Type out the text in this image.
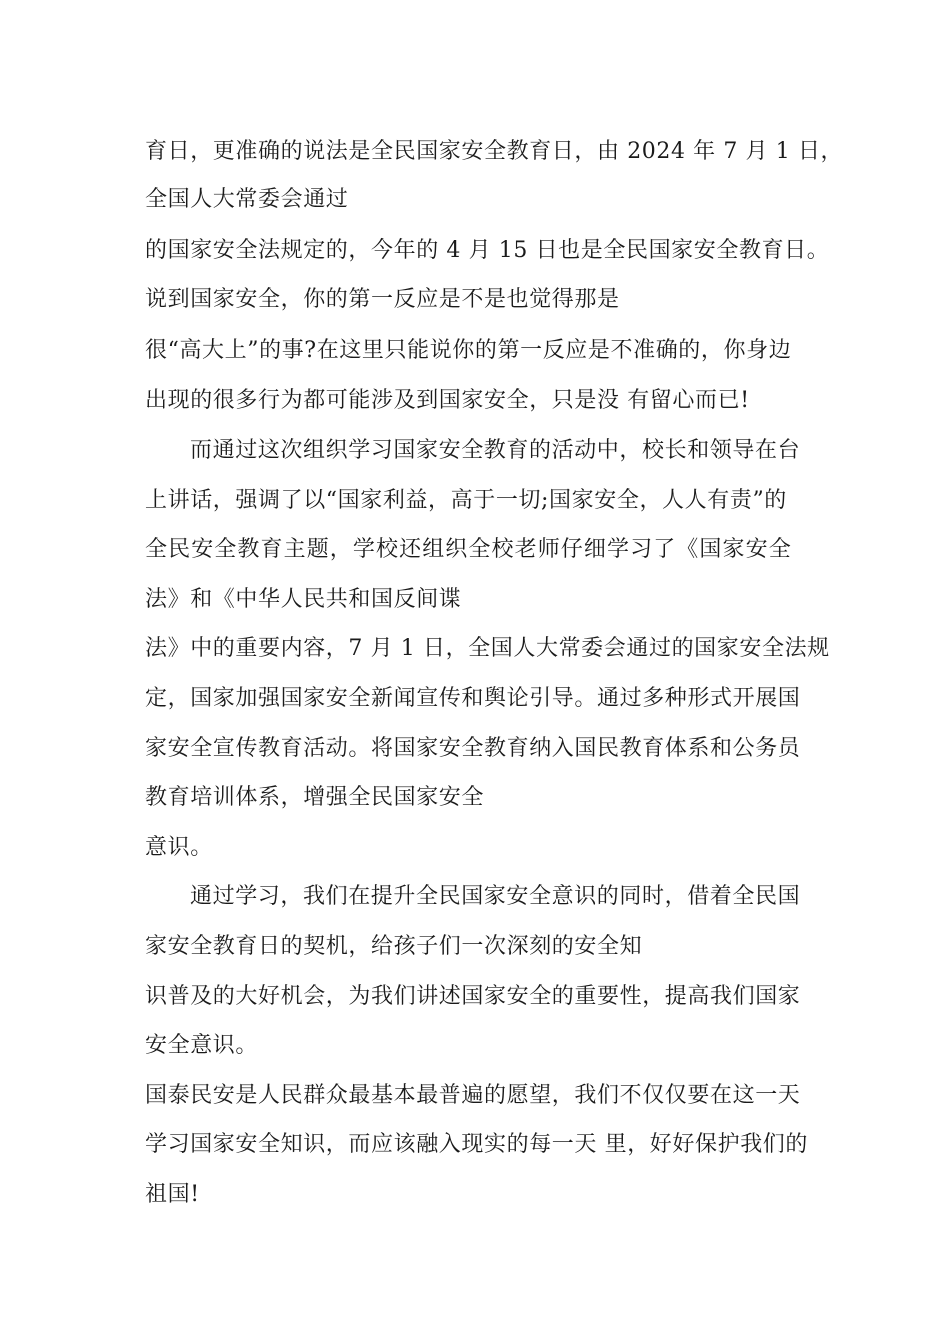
育日，更准确的说法是全民国家安全教育日，由 2024 年 7 月 1 日，
全国人大常委会通过
的国家安全法规定的，今年的 4 月 15 日也是全民国家安全教育日。
说到国家安全，你的第一反应是不是也觉得那是
很“高大上”的事?在这里只能说你的第一反应是不准确的，你身边
出现的很多行为都可能涉及到国家安全，只是没 有留心而已!
而通过这次组织学习国家安全教育的活动中，校长和领导在台
上讲话，强调了以“国家利益，高于一切;国家安全，人人有责”的
全民安全教育主题，学校还组织全校老师仔细学习了《国家安全
法》和《中华人民共和国反间谍
法》中的重要内容，7 月 1 日，全国人大常委会通过的国家安全法规
定，国家加强国家安全新闻宣传和舆论引导。通过多种形式开展国
家安全宣传教育活动。将国家安全教育纳入国民教育体系和公务员
教育培训体系，增强全民国家安全
意识。
通过学习，我们在提升全民国家安全意识的同时，借着全民国
家安全教育日的契机，给孩子们一次深刻的安全知
识普及的大好机会，为我们讲述国家安全的重要性，提高我们国家
安全意识。
国泰民安是人民群众最基本最普遍的愿望，我们不仅仅要在这一天
学习国家安全知识，而应该融入现实的每一天 里，好好保护我们的
祖国!
